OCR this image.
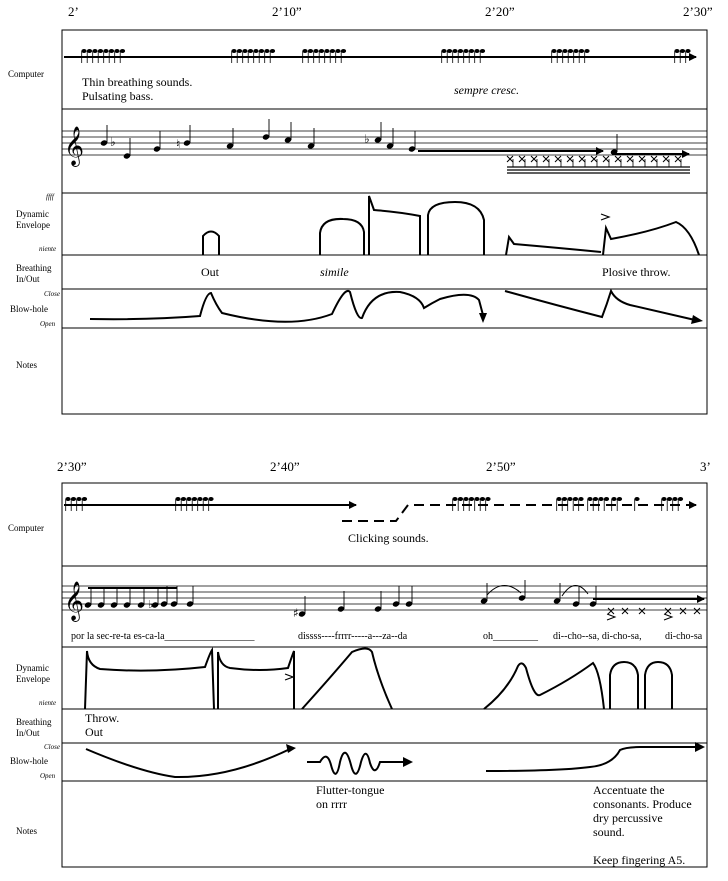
2’	2’10”	2’20”	2’30”
Computer
Thin breathing sounds.
Pulsating bass.	sempre cresc.
Dynamic
Envelope
ffff
niente
Breathing
In/Out	Out	simile	Plosive throw.
Blow-hole
Close
Open
Notes
2’30”	2’40”	2’50”	3’
Computer
Clicking sounds.
por la sec-re-ta es-ca-la__________________	dissss----frrrr-----a---za--da	oh_________ di--cho--sa, di-cho-sa, di-cho-sa
Dynamic
Envelope
niente
Breathing
In/Out
Throw.
Out
Blow-hole
Close
Open
Notes
Flutter-tongue
on rrrr
Accentuate the
consonants. Produce
dry percussive
sound.
Keep fingering A5.
𝄞 ♭	♮	♭
𝄞	♯
♭
